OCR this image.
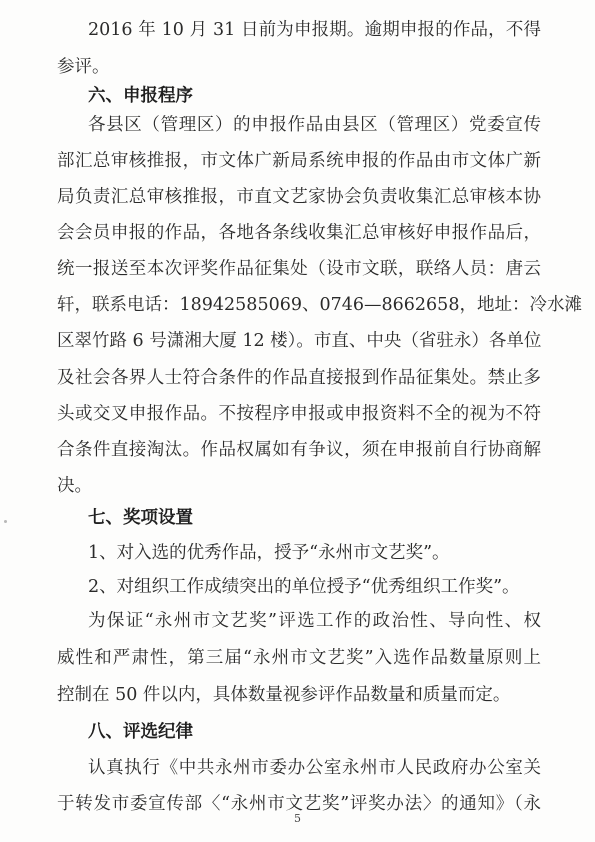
2016 年 10 月 31 日前为申报期。逾期申报的作品，不得
参评。
六、申报程序
各县区（管理区）的申报作品由县区（管理区）党委宣传
部汇总审核推报，市文体广新局系统申报的作品由市文体广新
局负责汇总审核推报，市直文艺家协会负责收集汇总审核本协
会会员申报的作品，各地各条线收集汇总审核好申报作品后，
统一报送至本次评奖作品征集处（设市文联，联络人员：唐云
轩，联系电话：18942585069、0746—8662658，地址：冷水滩
区翠竹路 6 号潇湘大厦 12 楼）。市直、中央（省驻永）各单位
及社会各界人士符合条件的作品直接报到作品征集处。禁止多
头或交叉申报作品。不按程序申报或申报资料不全的视为不符
合条件直接淘汰。作品权属如有争议，须在申报前自行协商解
决。
七、奖项设置
1、对入选的优秀作品，授予“永州市文艺奖”。
2、对组织工作成绩突出的单位授予“优秀组织工作奖”。
为保证“永州市文艺奖”评选工作的政治性、导向性、权
威性和严肃性，第三届“永州市文艺奖”入选作品数量原则上
控制在 50 件以内，具体数量视参评作品数量和质量而定。
八、评选纪律
认真执行《中共永州市委办公室永州市人民政府办公室关
于转发市委宣传部〈“永州市文艺奖”评奖办法〉的通知》（永
5
